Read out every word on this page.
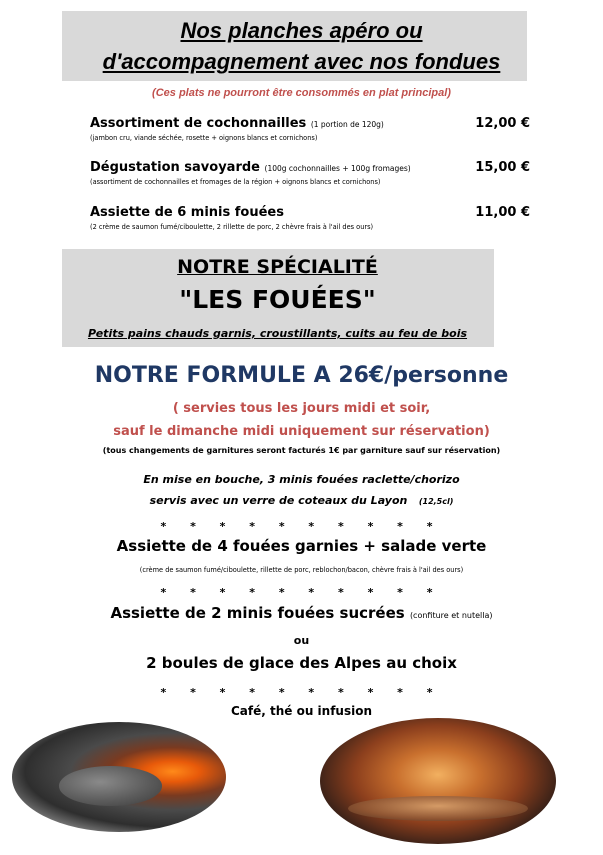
Nos planches apéro ou
d'accompagnement avec nos fondues
(Ces plats ne pourront être consommés en plat principal)
Assortiment de cochonnailles (1 portion de 120g)
(jambon cru, viande séchée, rosette + oignons blancs et cornichons)
12,00 €
Dégustation savoyarde (100g cochonnailles + 100g fromages)
(assortiment de cochonnailles et fromages de la région + oignons blancs et cornichons)
15,00 €
Assiette de 6 minis fouées
(2 crème de saumon fumé/ciboulette, 2 rillette de porc, 2 chèvre frais à l'ail des ours)
11,00 €
NOTRE SPÉCIALITÉ
"LES FOUÉES"
Petits pains chauds garnis, croustillants, cuits au feu de bois
NOTRE FORMULE A 26€/personne
( servies tous les jours midi et soir,
sauf le dimanche midi uniquement sur réservation)
(tous changements de garnitures seront facturés 1€ par garniture sauf sur réservation)
En mise en bouche, 3 minis fouées raclette/chorizo
servis avec un verre de coteaux du Layon (12,5cl)
* * * * * * * * * *
Assiette de 4 fouées garnies + salade verte
(crème de saumon fumé/ciboulette, rillette de porc, reblochon/bacon, chèvre frais à l'ail des ours)
* * * * * * * * * *
Assiette de 2 minis fouées sucrées (confiture et nutella)
ou
2 boules de glace des Alpes au choix
* * * * * * * * * *
Café, thé ou infusion
